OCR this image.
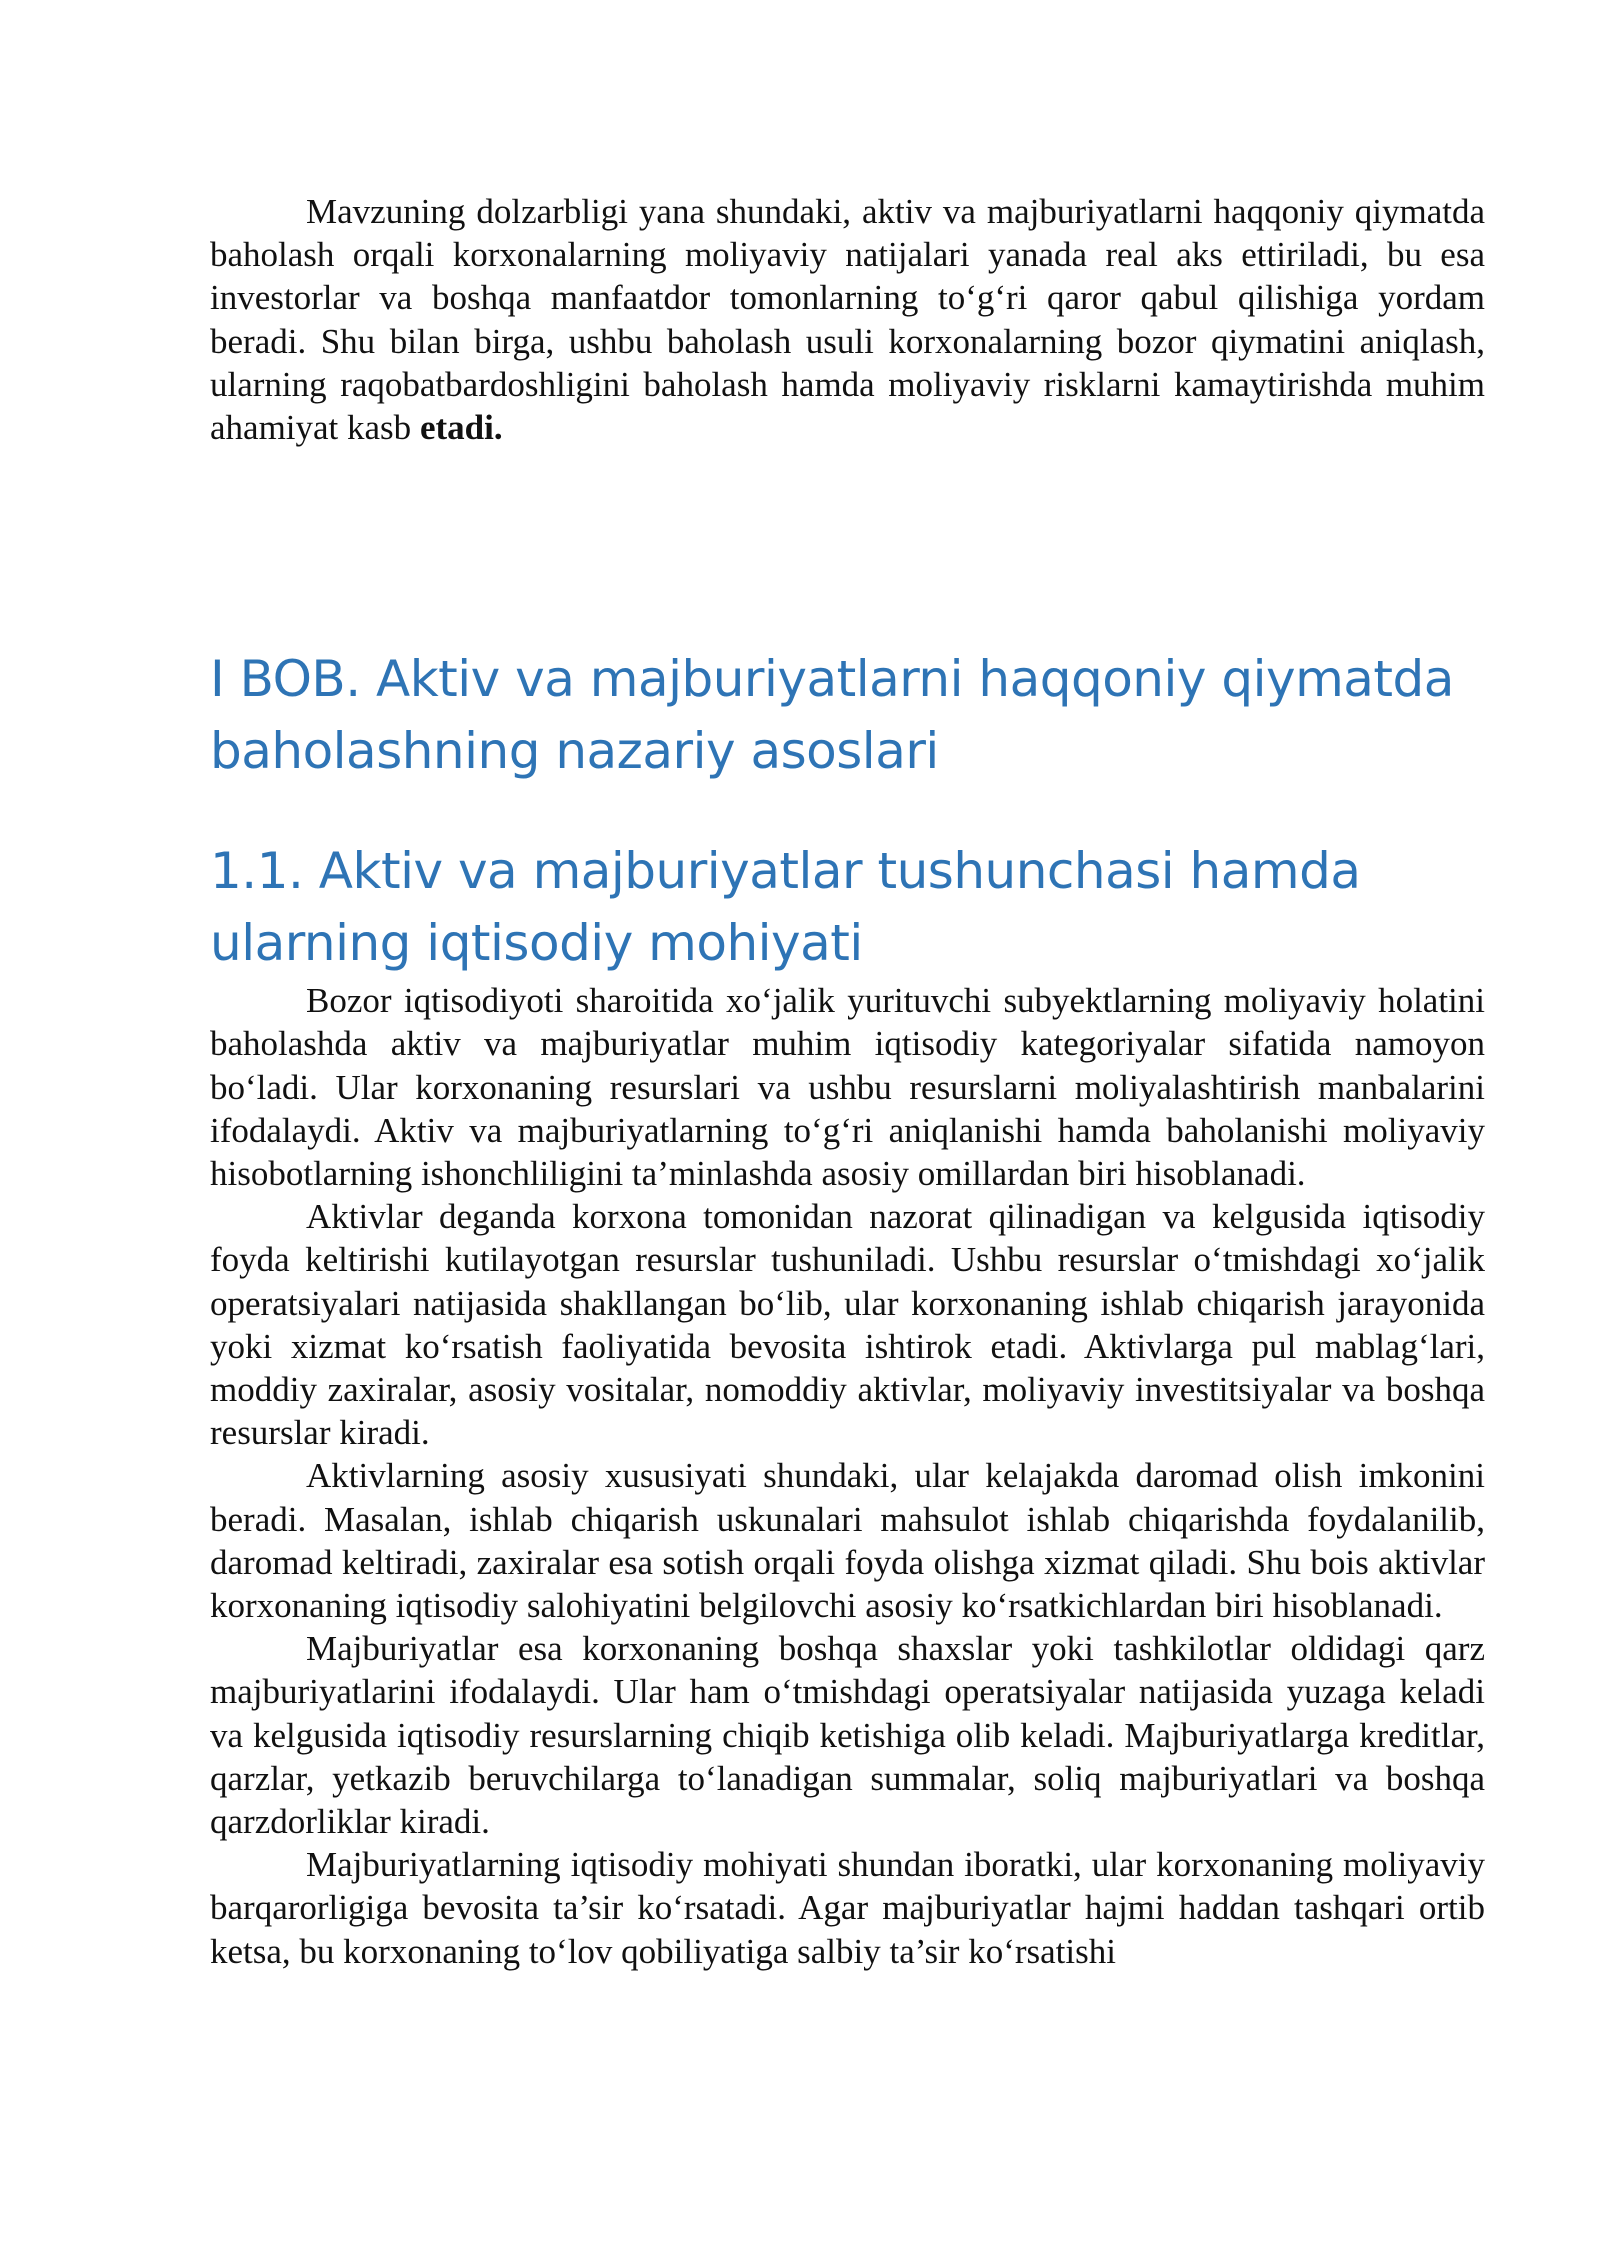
Mavzuning dolzarbligi yana shundaki, aktiv va majburiyatlarni haqqoniy qiymatda baholash orqali korxonalarning moliyaviy natijalari yanada real aks ettiriladi, bu esa investorlar va boshqa manfaatdor tomonlarning to‘g‘ri qaror qabul qilishiga yordam beradi. Shu bilan birga, ushbu baholash usuli korxonalarning bozor qiymatini aniqlash, ularning raqobatbardoshligini baholash hamda moliyaviy risklarni kamaytirishda muhim ahamiyat kasb etadi.

I BOB. Aktiv va majburiyatlarni haqqoniy qiymatda baholashning nazariy asoslari
1.1. Aktiv va majburiyatlar tushunchasi hamda ularning iqtisodiy mohiyati

Bozor iqtisodiyoti sharoitida xo‘jalik yurituvchi subyektlarning moliyaviy holatini baholashda aktiv va majburiyatlar muhim iqtisodiy kategoriyalar sifatida namoyon bo‘ladi. Ular korxonaning resurslari va ushbu resurslarni moliyalashtirish manbalarini ifodalaydi. Aktiv va majburiyatlarning to‘g‘ri aniqlanishi hamda baholanishi moliyaviy hisobotlarning ishonchliligini ta’minlashda asosiy omillardan biri hisoblanadi.

Aktivlar deganda korxona tomonidan nazorat qilinadigan va kelgusida iqtisodiy foyda keltirishi kutilayotgan resurslar tushuniladi. Ushbu resurslar o‘tmishdagi xo‘jalik operatsiyalari natijasida shakllangan bo‘lib, ular korxonaning ishlab chiqarish jarayonida yoki xizmat ko‘rsatish faoliyatida bevosita ishtirok etadi. Aktivlarga pul mablag‘lari, moddiy zaxiralar, asosiy vositalar, nomoddiy aktivlar, moliyaviy investitsiyalar va boshqa resurslar kiradi.

Aktivlarning asosiy xususiyati shundaki, ular kelajakda daromad olish imkonini beradi. Masalan, ishlab chiqarish uskunalari mahsulot ishlab chiqarishda foydalanilib, daromad keltiradi, zaxiralar esa sotish orqali foyda olishga xizmat qiladi. Shu bois aktivlar korxonaning iqtisodiy salohiyatini belgilovchi asosiy ko‘rsatkichlardan biri hisoblanadi.

Majburiyatlar esa korxonaning boshqa shaxslar yoki tashkilotlar oldidagi qarz majburiyatlarini ifodalaydi. Ular ham o‘tmishdagi operatsiyalar natijasida yuzaga keladi va kelgusida iqtisodiy resurslarning chiqib ketishiga olib keladi. Majburiyatlarga kreditlar, qarzlar, yetkazib beruvchilarga to‘lanadigan summalar, soliq majburiyatlari va boshqa qarzdorliklar kiradi.

Majburiyatlarning iqtisodiy mohiyati shundan iboratki, ular korxonaning moliyaviy barqarorligiga bevosita ta’sir ko‘rsatadi. Agar majburiyatlar hajmi haddan tashqari ortib ketsa, bu korxonaning to‘lov qobiliyatiga salbiy ta’sir ko‘rsatishi
